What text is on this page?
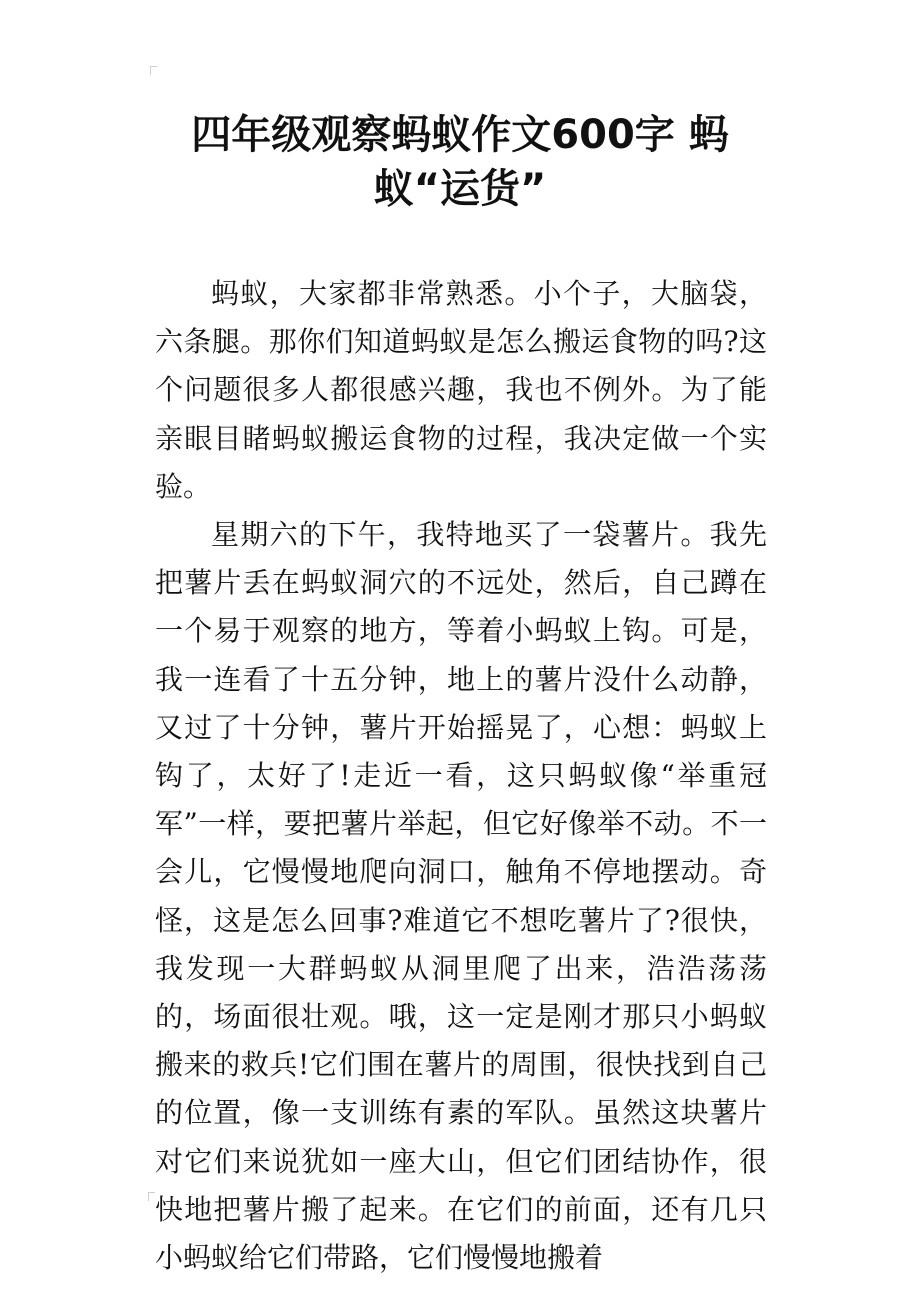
四年级观察蚂蚁作文600字 蚂蚁“运货”

蚂蚁，大家都非常熟悉。小个子，大脑袋，六条腿。那你们知道蚂蚁是怎么搬运食物的吗?这个问题很多人都很感兴趣，我也不例外。为了能亲眼目睹蚂蚁搬运食物的过程，我决定做一个实验。

星期六的下午，我特地买了一袋薯片。我先把薯片丢在蚂蚁洞穴的不远处，然后，自己蹲在一个易于观察的地方，等着小蚂蚁上钩。可是，我一连看了十五分钟，地上的薯片没什么动静，又过了十分钟，薯片开始摇晃了，心想：蚂蚁上钩了，太好了!走近一看，这只蚂蚁像“举重冠军”一样，要把薯片举起，但它好像举不动。不一会儿，它慢慢地爬向洞口，触角不停地摆动。奇怪，这是怎么回事?难道它不想吃薯片了?很快，我发现一大群蚂蚁从洞里爬了出来，浩浩荡荡的，场面很壮观。哦，这一定是刚才那只小蚂蚁搬来的救兵!它们围在薯片的周围，很快找到自己的位置，像一支训练有素的军队。虽然这块薯片对它们来说犹如一座大山，但它们团结协作，很快地把薯片搬了起来。在它们的前面，还有几只小蚂蚁给它们带路，它们慢慢地搬着
